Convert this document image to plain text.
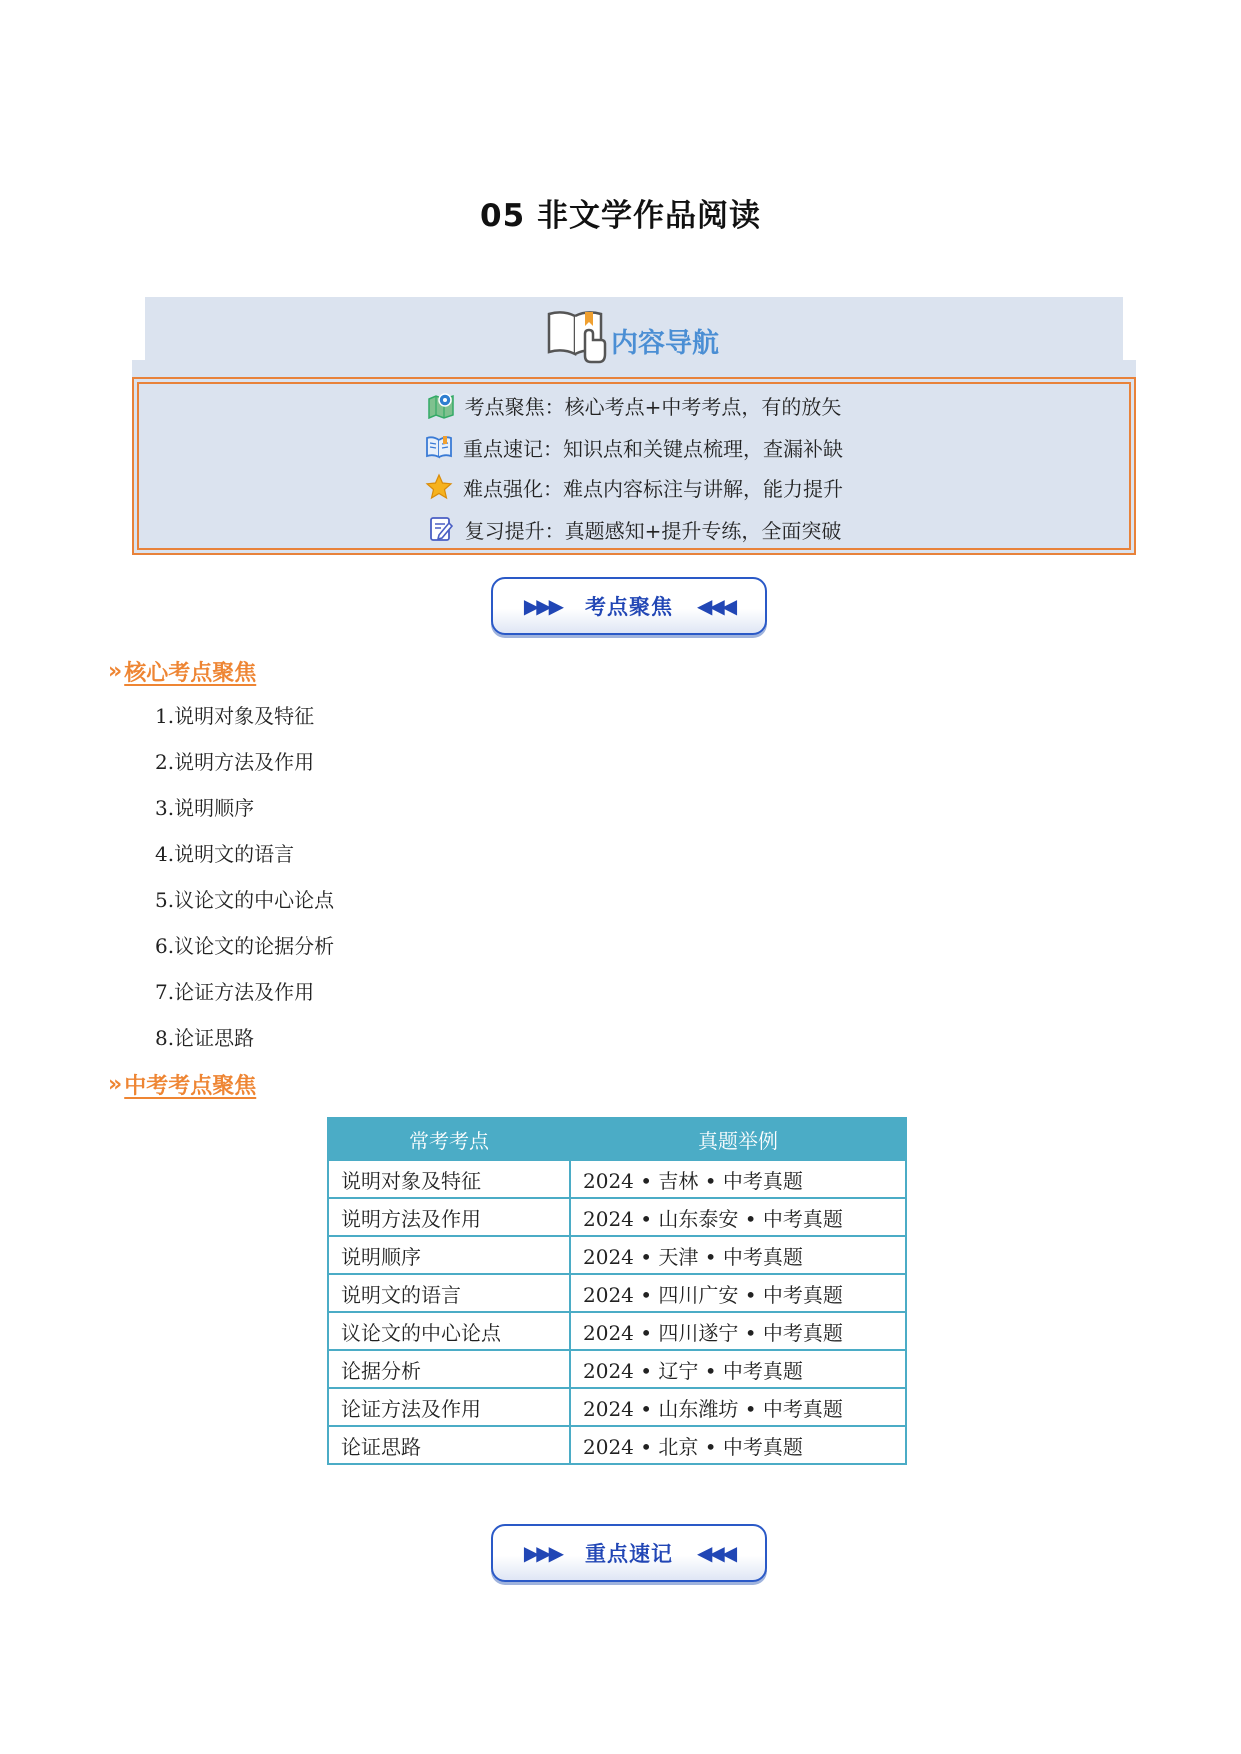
05 非文学作品阅读
内容导航
考点聚焦：核心考点+中考考点，有的放矢
重点速记：知识点和关键点梳理，查漏补缺
难点强化：难点内容标注与讲解，能力提升
复习提升：真题感知+提升专练，全面突破
▶▶▶ 考点聚焦 ◀◀◀
» 核心考点聚焦
1.说明对象及特征
2.说明方法及作用
3.说明顺序
4.说明文的语言
5.议论文的中心论点
6.议论文的论据分析
7.论证方法及作用
8.论证思路
» 中考考点聚焦
常考考点	真题举例
说明对象及特征	2024 • 吉林 • 中考真题
说明方法及作用	2024 • 山东泰安 • 中考真题
说明顺序	2024 • 天津 • 中考真题
说明文的语言	2024 • 四川广安 • 中考真题
议论文的中心论点	2024 • 四川遂宁 • 中考真题
论据分析	2024 • 辽宁 • 中考真题
论证方法及作用	2024 • 山东潍坊 • 中考真题
论证思路	2024 • 北京 • 中考真题
▶▶▶ 重点速记 ◀◀◀
